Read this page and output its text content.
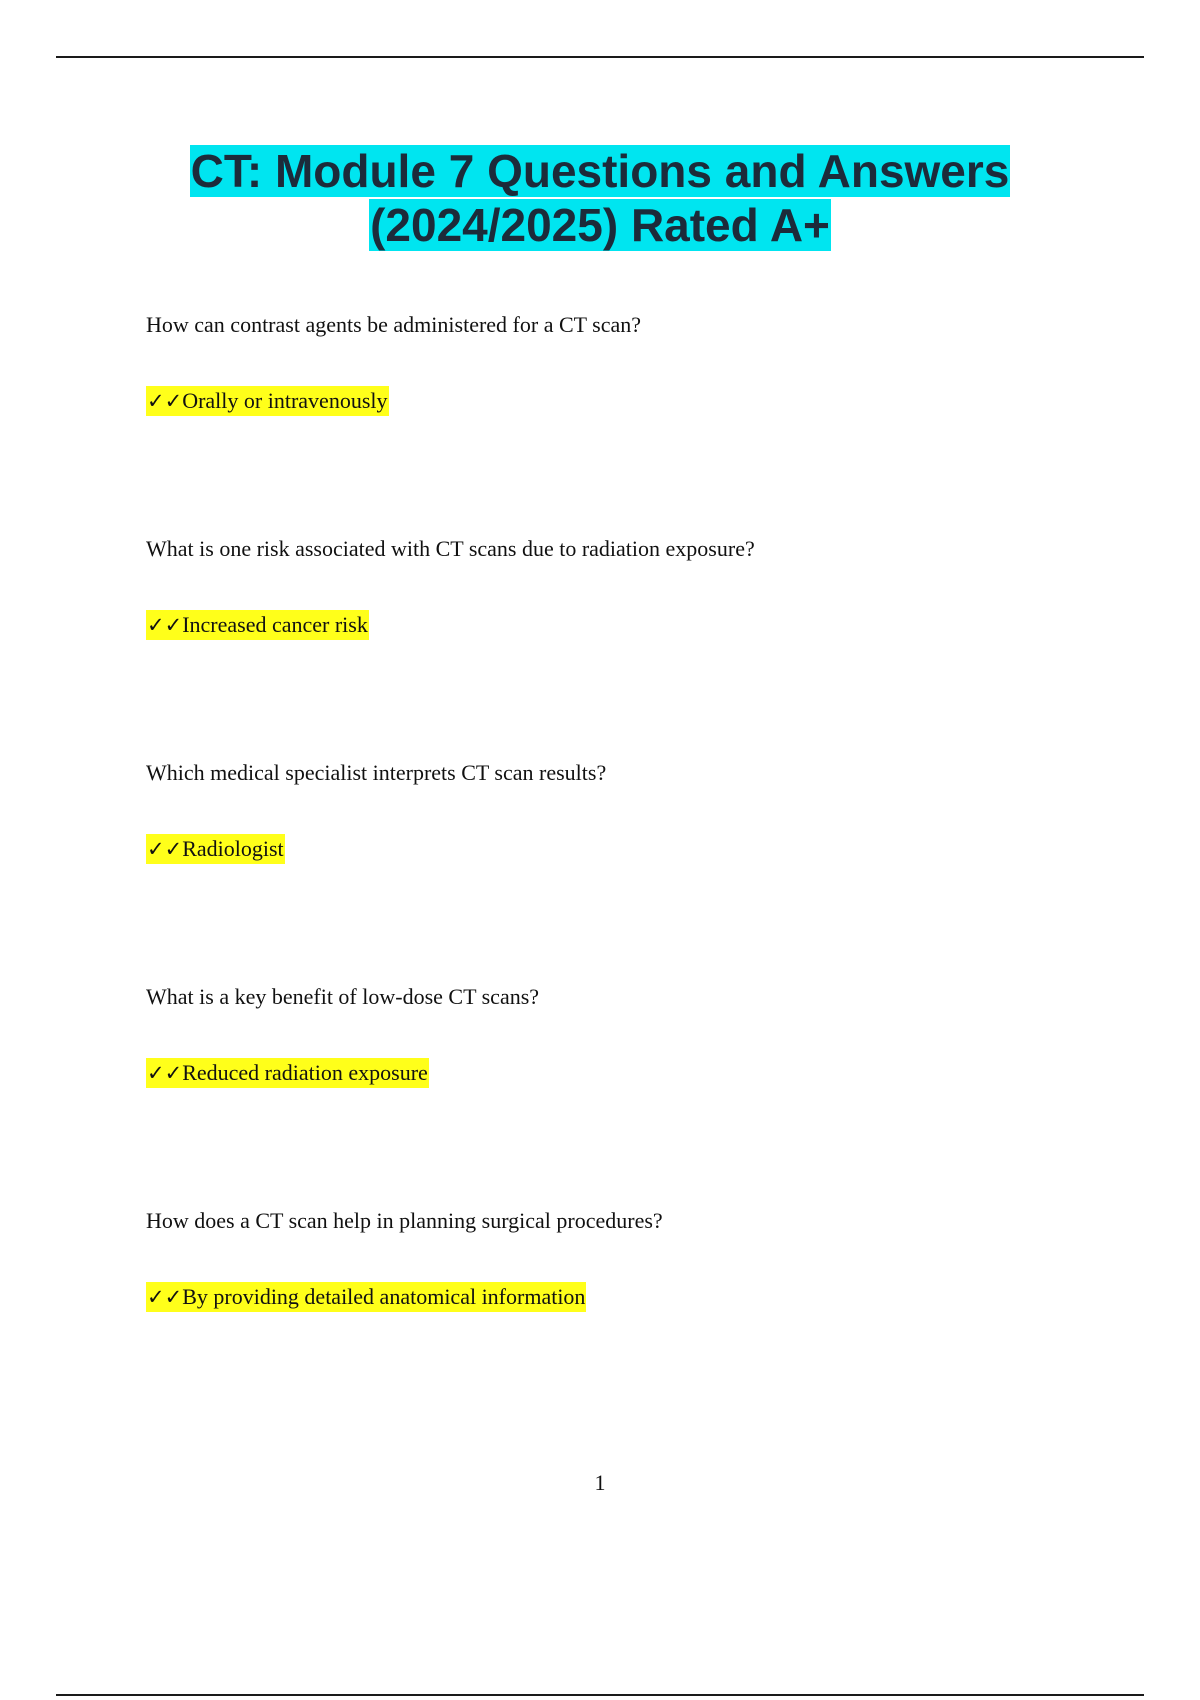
CT: Module 7 Questions and Answers
(2024/2025) Rated A+

How can contrast agents be administered for a CT scan?

✓✓Orally or intravenously

What is one risk associated with CT scans due to radiation exposure?

✓✓Increased cancer risk

Which medical specialist interprets CT scan results?

✓✓Radiologist

What is a key benefit of low-dose CT scans?

✓✓Reduced radiation exposure

How does a CT scan help in planning surgical procedures?

✓✓By providing detailed anatomical information

1
